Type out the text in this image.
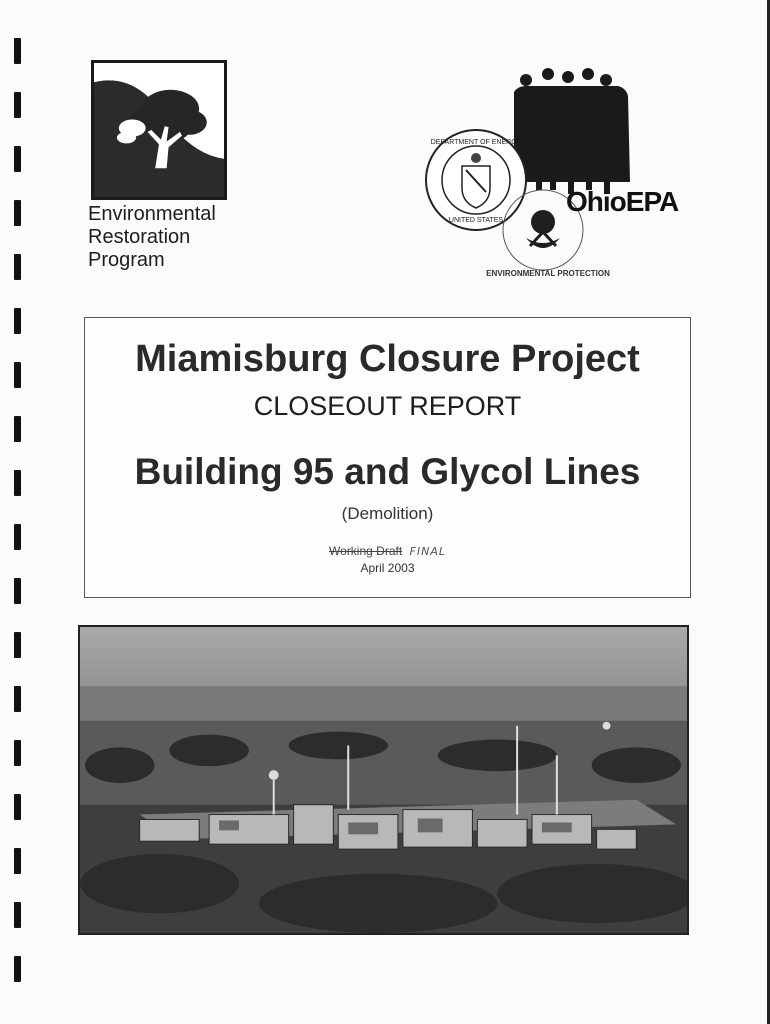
Environmental
Restoration
Program
DEPARTMENT OF ENERGY
UNITED STATES
ENVIRONMENTAL PROTECTION
OhioEPA
Miamisburg Closure Project
CLOSEOUT REPORT
Building 95 and Glycol Lines
(Demolition)
Working Draft FINAL
April 2003
